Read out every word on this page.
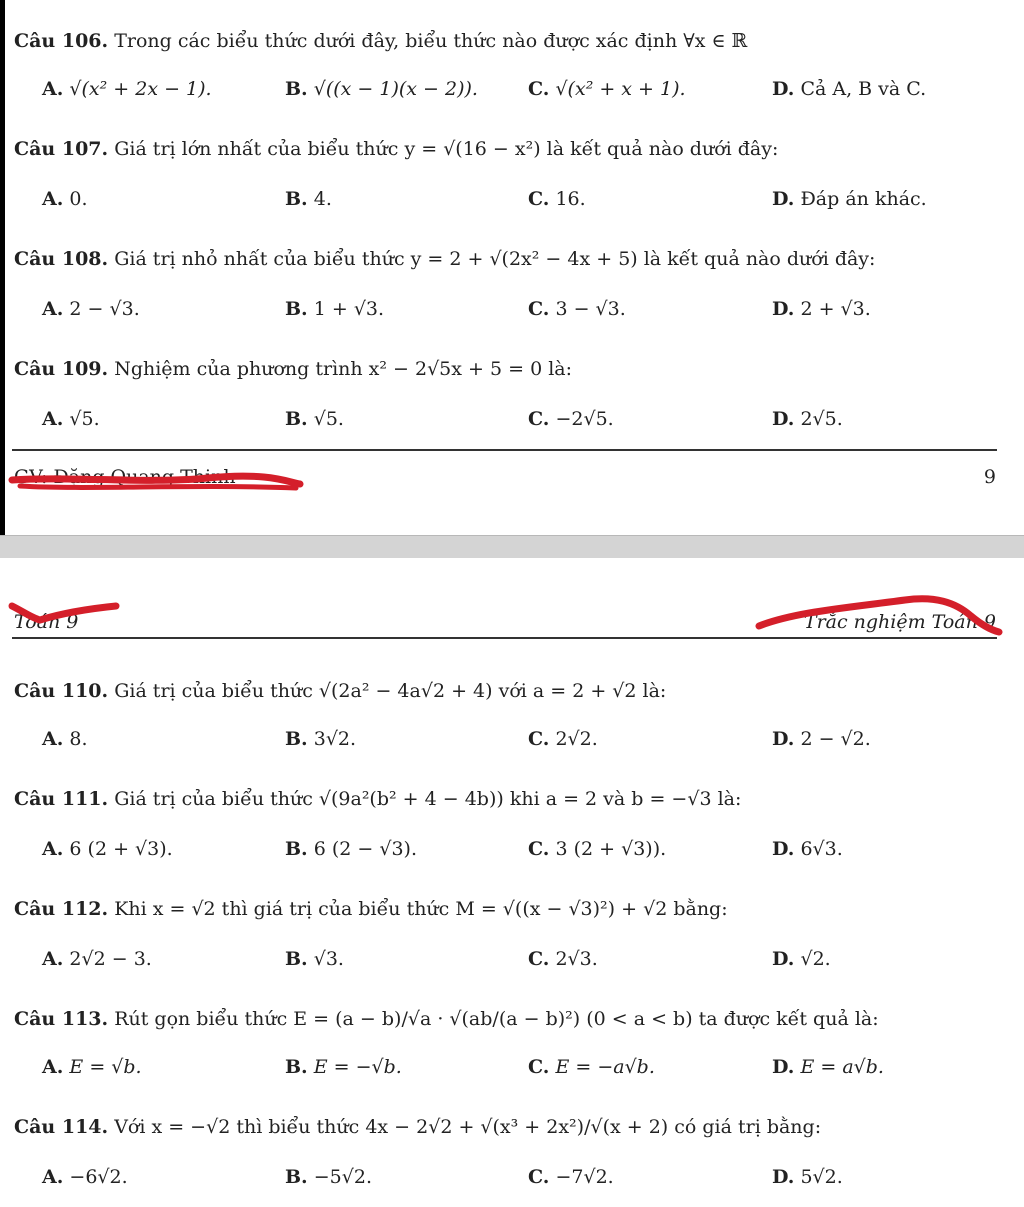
Câu 106. Trong các biểu thức dưới đây, biểu thức nào được xác định ∀x ∈ ℝ
A. √(x² + 2x − 1).	B. √((x − 1)(x − 2)).	C. √(x² + x + 1).	D. Cả A, B và C.
Câu 107. Giá trị lớn nhất của biểu thức y = √(16 − x²) là kết quả nào dưới đây:
A. 0.	B. 4.	C. 16.	D. Đáp án khác.
Câu 108. Giá trị nhỏ nhất của biểu thức y = 2 + √(2x² − 4x + 5) là kết quả nào dưới đây:
A. 2 − √3.	B. 1 + √3.	C. 3 − √3.	D. 2 + √3.
Câu 109. Nghiệm của phương trình x² − 2√5x + 5 = 0 là:
A. √5.	B. √5.	C. −2√5.	D. 2√5.
GV: Đặng Quang Thịnh	9
Toán 9	Trắc nghiệm Toán 9
Câu 110. Giá trị của biểu thức √(2a² − 4a√2 + 4) với a = 2 + √2 là:
A. 8.	B. 3√2.	C. 2√2.	D. 2 − √2.
Câu 111. Giá trị của biểu thức √(9a²(b² + 4 − 4b)) khi a = 2 và b = −√3 là:
A. 6 (2 + √3).	B. 6 (2 − √3).	C. 3 (2 + √3)).	D. 6√3.
Câu 112. Khi x = √2 thì giá trị của biểu thức M = √((x − √3)²) + √2 bằng:
A. 2√2 − 3.	B. √3.	C. 2√3.	D. √2.
Câu 113. Rút gọn biểu thức E = (a − b)/√a · √(ab/(a − b)²) (0 < a < b) ta được kết quả là:
A. E = √b.	B. E = −√b.	C. E = −a√b.	D. E = a√b.
Câu 114. Với x = −√2 thì biểu thức 4x − 2√2 + √(x³ + 2x²)/√(x + 2) có giá trị bằng:
A. −6√2.	B. −5√2.	C. −7√2.	D. 5√2.
